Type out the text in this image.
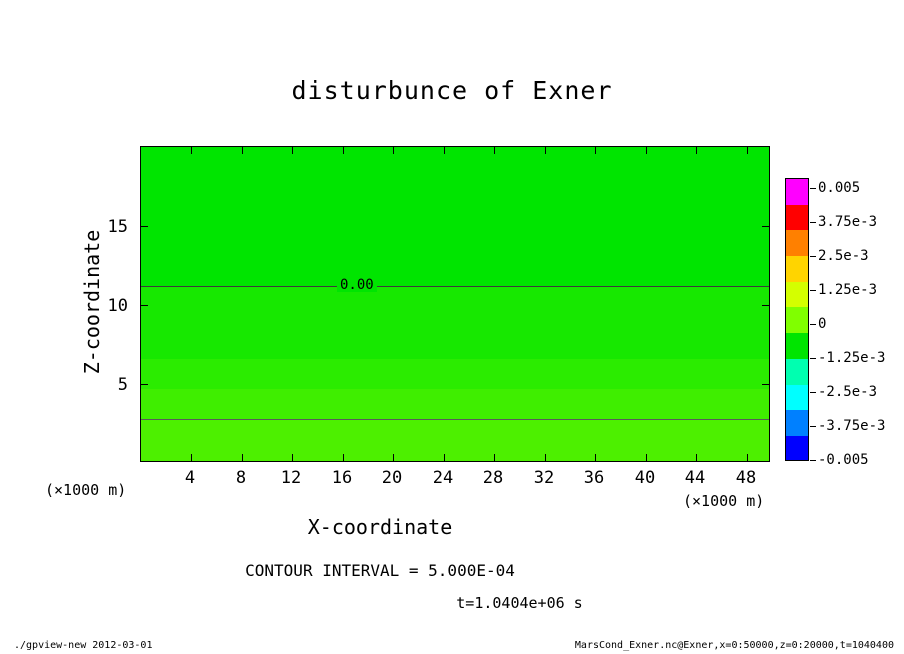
disturbunce of Exner
0.00
4	8	12	16	20	24	28	32	36	40	44	48
5
10
15
Z-coordinate
X-coordinate
(×1000 m)
(×1000 m)
CONTOUR INTERVAL = 5.000E-04
t=1.0404e+06 s
./gpview-new 2012-03-01	MarsCond_Exner.nc@Exner,x=0:50000,z=0:20000,t=1040400
0.005
3.75e-3
2.5e-3
1.25e-3
0
-1.25e-3
-2.5e-3
-3.75e-3
-0.005
